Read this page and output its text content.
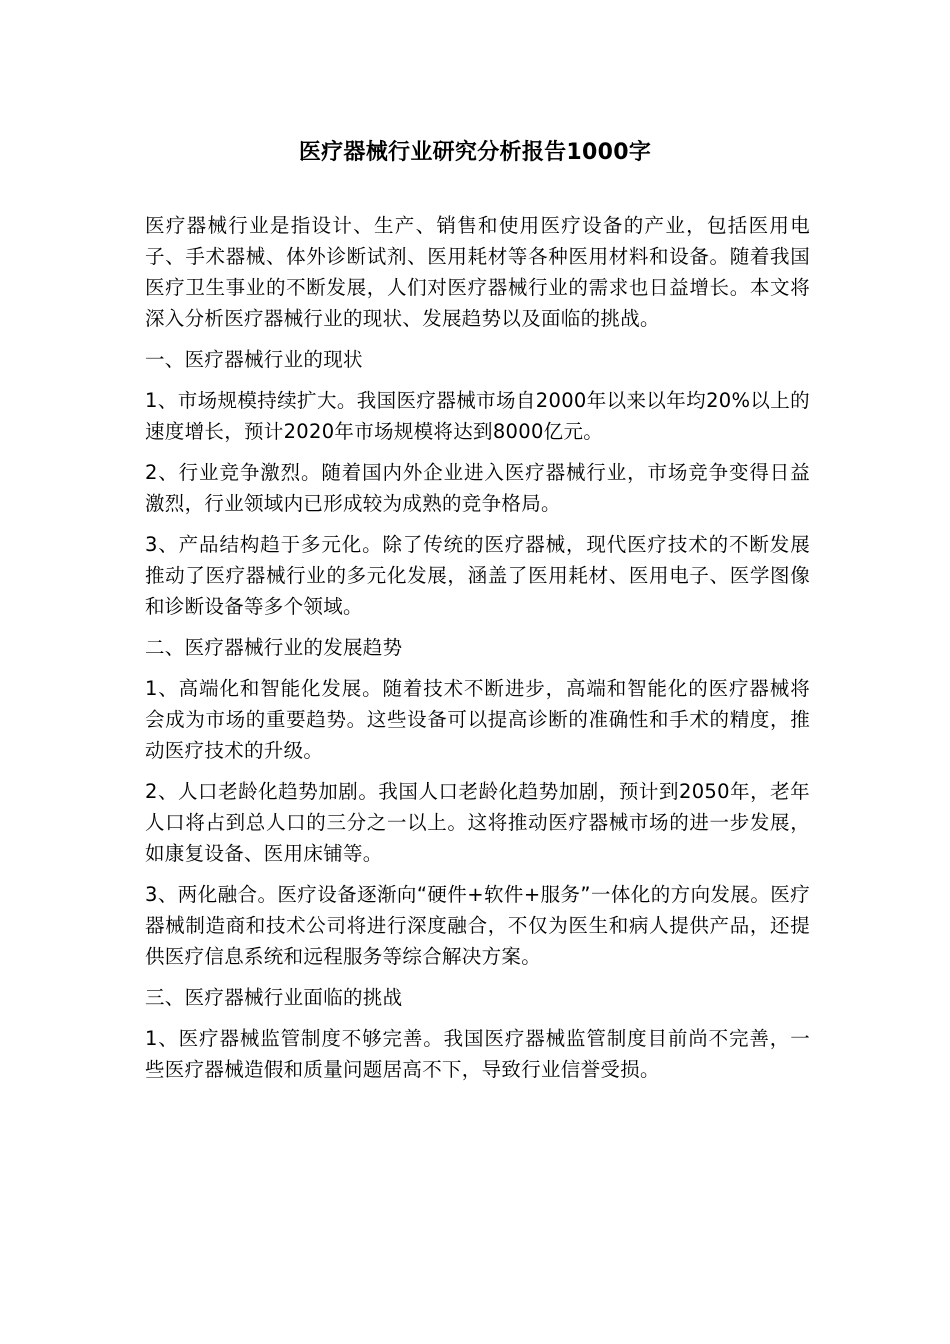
医疗器械行业研究分析报告1000字

医疗器械行业是指设计、生产、销售和使用医疗设备的产业，包括医用电子、手术器械、体外诊断试剂、医用耗材等各种医用材料和设备。随着我国医疗卫生事业的不断发展，人们对医疗器械行业的需求也日益增长。本文将深入分析医疗器械行业的现状、发展趋势以及面临的挑战。

一、医疗器械行业的现状

1、市场规模持续扩大。我国医疗器械市场自2000年以来以年均20%以上的速度增长，预计2020年市场规模将达到8000亿元。

2、行业竞争激烈。随着国内外企业进入医疗器械行业，市场竞争变得日益激烈，行业领域内已形成较为成熟的竞争格局。

3、产品结构趋于多元化。除了传统的医疗器械，现代医疗技术的不断发展推动了医疗器械行业的多元化发展，涵盖了医用耗材、医用电子、医学图像和诊断设备等多个领域。

二、医疗器械行业的发展趋势

1、高端化和智能化发展。随着技术不断进步，高端和智能化的医疗器械将会成为市场的重要趋势。这些设备可以提高诊断的准确性和手术的精度，推动医疗技术的升级。

2、人口老龄化趋势加剧。我国人口老龄化趋势加剧，预计到2050年，老年人口将占到总人口的三分之一以上。这将推动医疗器械市场的进一步发展，如康复设备、医用床铺等。

3、两化融合。医疗设备逐渐向“硬件+软件+服务”一体化的方向发展。医疗器械制造商和技术公司将进行深度融合，不仅为医生和病人提供产品，还提供医疗信息系统和远程服务等综合解决方案。

三、医疗器械行业面临的挑战

1、医疗器械监管制度不够完善。我国医疗器械监管制度目前尚不完善，一些医疗器械造假和质量问题居高不下，导致行业信誉受损。
